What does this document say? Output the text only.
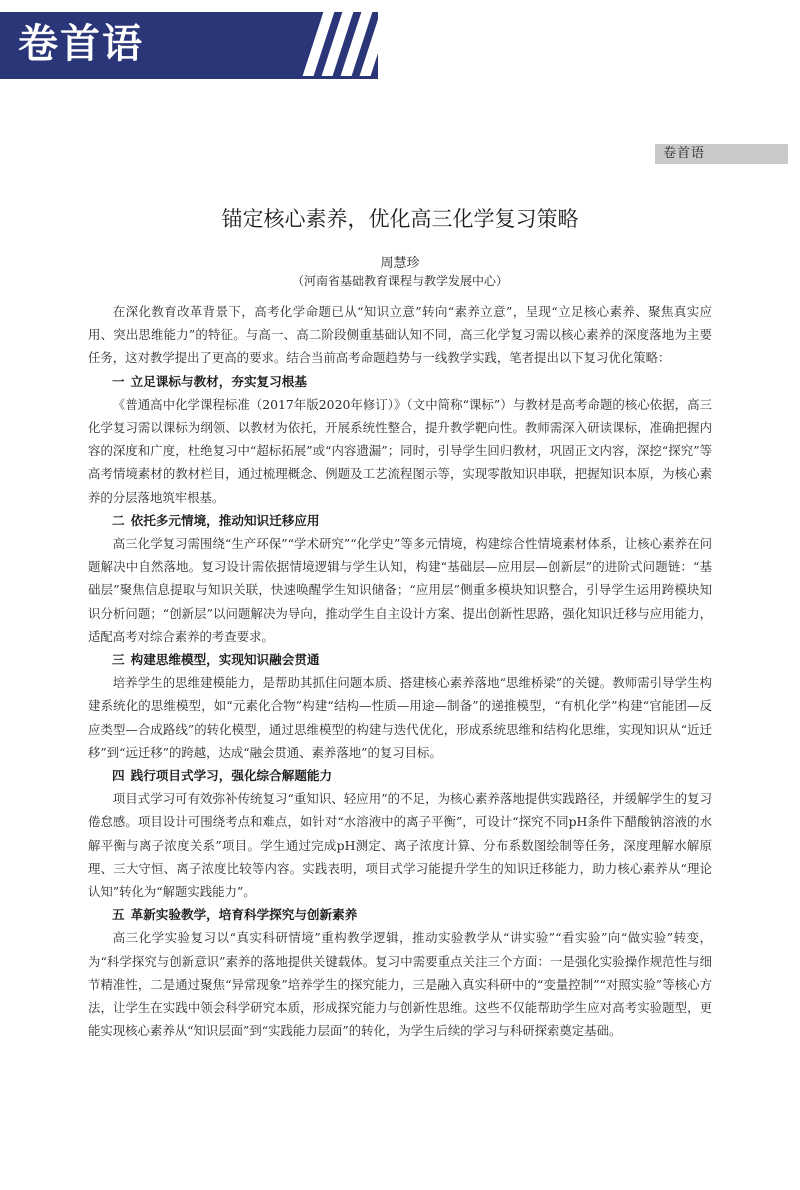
卷首语
卷首语
锚定核心素养，优化高三化学复习策略
周慧珍
（河南省基础教育课程与教学发展中心）

在深化教育改革背景下，高考化学命题已从“知识立意”转向“素养立意”，呈现“立足核心素养、聚焦真实应用、突出思维能力”的特征。与高一、高二阶段侧重基础认知不同，高三化学复习需以核心素养的深度落地为主要任务，这对教学提出了更高的要求。结合当前高考命题趋势与一线教学实践，笔者提出以下复习优化策略：

一 立足课标与教材，夯实复习根基

《普通高中化学课程标准（2017年版2020年修订）》（文中简称“课标”）与教材是高考命题的核心依据，高三化学复习需以课标为纲领、以教材为依托，开展系统性整合，提升教学靶向性。教师需深入研读课标，准确把握内容的深度和广度，杜绝复习中“超标拓展”或“内容遗漏”；同时，引导学生回归教材，巩固正文内容，深挖“探究”等高考情境素材的教材栏目，通过梳理概念、例题及工艺流程图示等，实现零散知识串联，把握知识本原，为核心素养的分层落地筑牢根基。

二 依托多元情境，推动知识迁移应用

高三化学复习需围绕“生产环保”“学术研究”“化学史”等多元情境，构建综合性情境素材体系，让核心素养在问题解决中自然落地。复习设计需依据情境逻辑与学生认知，构建“基础层—应用层—创新层”的进阶式问题链：“基础层”聚焦信息提取与知识关联，快速唤醒学生知识储备；“应用层”侧重多模块知识整合，引导学生运用跨模块知识分析问题；“创新层”以问题解决为导向，推动学生自主设计方案、提出创新性思路，强化知识迁移与应用能力，适配高考对综合素养的考查要求。

三 构建思维模型，实现知识融会贯通

培养学生的思维建模能力，是帮助其抓住问题本质、搭建核心素养落地“思维桥梁”的关键。教师需引导学生构建系统化的思维模型，如“元素化合物”构建“结构—性质—用途—制备”的递推模型，“有机化学”构建“官能团—反应类型—合成路线”的转化模型，通过思维模型的构建与迭代优化，形成系统思维和结构化思维，实现知识从“近迁移”到“远迁移”的跨越，达成“融会贯通、素养落地”的复习目标。

四 践行项目式学习，强化综合解题能力

项目式学习可有效弥补传统复习“重知识、轻应用”的不足，为核心素养落地提供实践路径，并缓解学生的复习倦怠感。项目设计可围绕考点和难点，如针对“水溶液中的离子平衡”，可设计“探究不同pH条件下醋酸钠溶液的水解平衡与离子浓度关系”项目。学生通过完成pH测定、离子浓度计算、分布系数图绘制等任务，深度理解水解原理、三大守恒、离子浓度比较等内容。实践表明，项目式学习能提升学生的知识迁移能力，助力核心素养从“理论认知”转化为“解题实践能力”。

五 革新实验教学，培育科学探究与创新素养

高三化学实验复习以“真实科研情境”重构教学逻辑，推动实验教学从“讲实验”“看实验”向“做实验”转变，为“科学探究与创新意识”素养的落地提供关键载体。复习中需要重点关注三个方面：一是强化实验操作规范性与细节精准性，二是通过聚焦“异常现象”培养学生的探究能力，三是融入真实科研中的“变量控制”“对照实验”等核心方法，让学生在实践中领会科学研究本质，形成探究能力与创新性思维。这些不仅能帮助学生应对高考实验题型，更能实现核心素养从“知识层面”到“实践能力层面”的转化，为学生后续的学习与科研探索奠定基础。
